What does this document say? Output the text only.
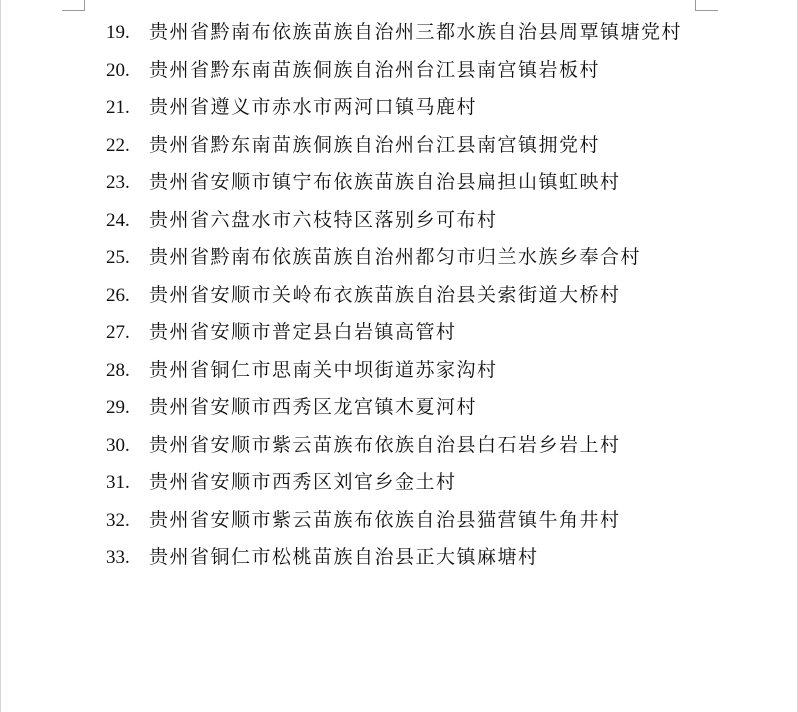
19. 贵州省黔南布依族苗族自治州三都水族自治县周覃镇塘党村
20. 贵州省黔东南苗族侗族自治州台江县南宫镇岩板村
21. 贵州省遵义市赤水市两河口镇马鹿村
22. 贵州省黔东南苗族侗族自治州台江县南宫镇拥党村
23. 贵州省安顺市镇宁布依族苗族自治县扁担山镇虹映村
24. 贵州省六盘水市六枝特区落别乡可布村
25. 贵州省黔南布依族苗族自治州都匀市归兰水族乡奉合村
26. 贵州省安顺市关岭布衣族苗族自治县关索街道大桥村
27. 贵州省安顺市普定县白岩镇高管村
28. 贵州省铜仁市思南关中坝街道苏家沟村
29. 贵州省安顺市西秀区龙宫镇木夏河村
30. 贵州省安顺市紫云苗族布依族自治县白石岩乡岩上村
31. 贵州省安顺市西秀区刘官乡金土村
32. 贵州省安顺市紫云苗族布依族自治县猫营镇牛角井村
33. 贵州省铜仁市松桃苗族自治县正大镇麻塘村
